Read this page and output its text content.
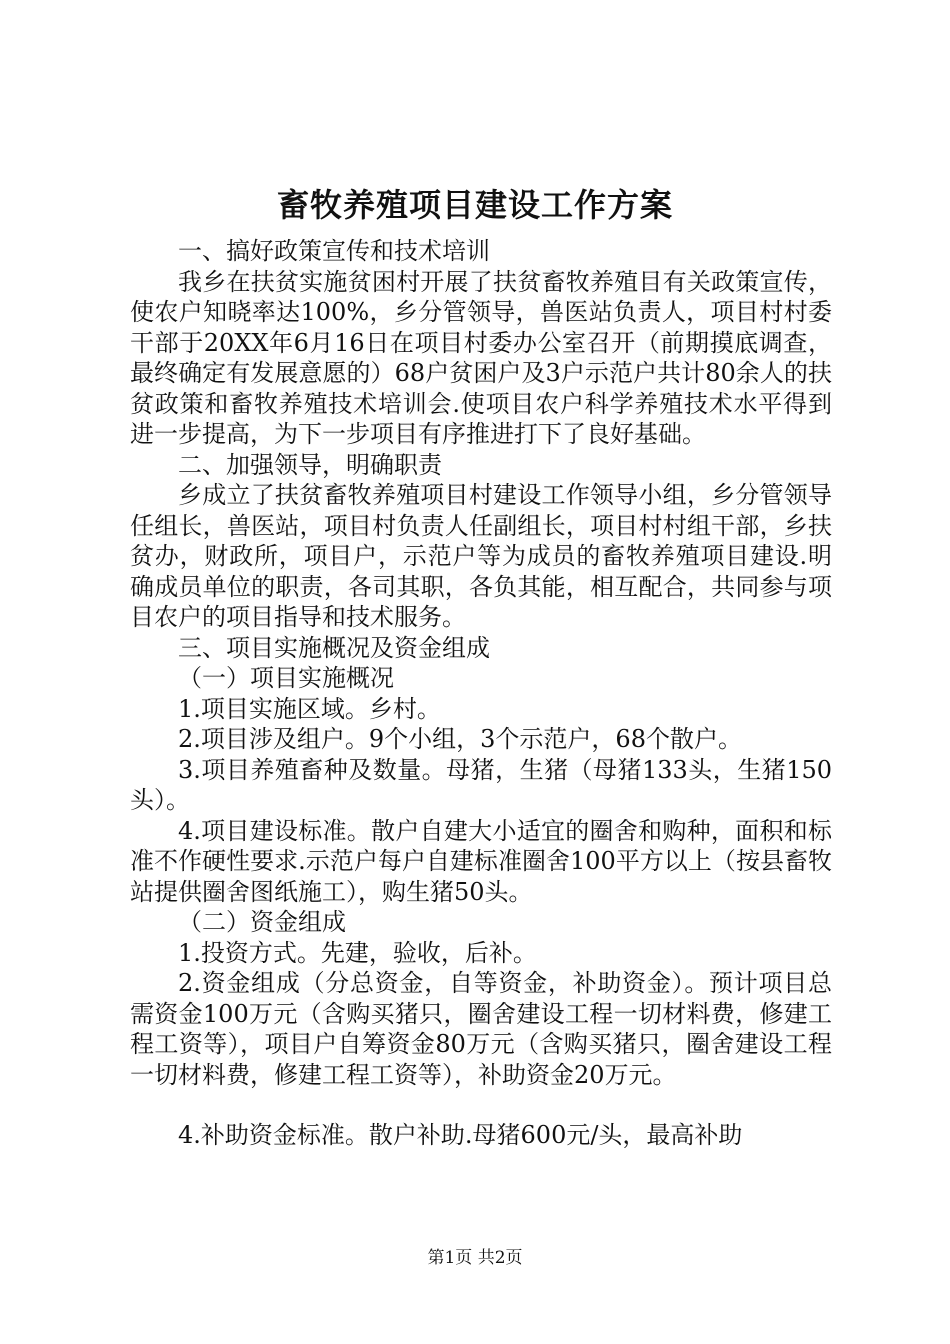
畜牧养殖项目建设工作方案

一、搞好政策宣传和技术培训

我乡在扶贫实施贫困村开展了扶贫畜牧养殖目有关政策宣传，使农户知晓率达100%，乡分管领导，兽医站负责人，项目村村委干部于20XX年6月16日在项目村委办公室召开（前期摸底调查，最终确定有发展意愿的）68户贫困户及3户示范户共计80余人的扶贫政策和畜牧养殖技术培训会.使项目农户科学养殖技术水平得到进一步提高，为下一步项目有序推进打下了良好基础。

二、加强领导，明确职责

乡成立了扶贫畜牧养殖项目村建设工作领导小组，乡分管领导任组长，兽医站，项目村负责人任副组长，项目村村组干部，乡扶贫办，财政所，项目户，示范户等为成员的畜牧养殖项目建设.明确成员单位的职责，各司其职，各负其能，相互配合，共同参与项目农户的项目指导和技术服务。

三、项目实施概况及资金组成

（一）项目实施概况

1.项目实施区域。乡村。

2.项目涉及组户。9个小组，3个示范户，68个散户。

3.项目养殖畜种及数量。母猪，生猪（母猪133头，生猪150头）。

4.项目建设标准。散户自建大小适宜的圈舍和购种，面积和标准不作硬性要求.示范户每户自建标准圈舍100平方以上（按县畜牧站提供圈舍图纸施工），购生猪50头。

（二）资金组成

1.投资方式。先建，验收，后补。

2.资金组成（分总资金，自等资金，补助资金）。预计项目总需资金100万元（含购买猪只，圈舍建设工程一切材料费，修建工程工资等），项目户自筹资金80万元（含购买猪只，圈舍建设工程一切材料费，修建工程工资等），补助资金20万元。

4.补助资金标准。散户补助.母猪600元/头，最高补助

第1页 共2页
